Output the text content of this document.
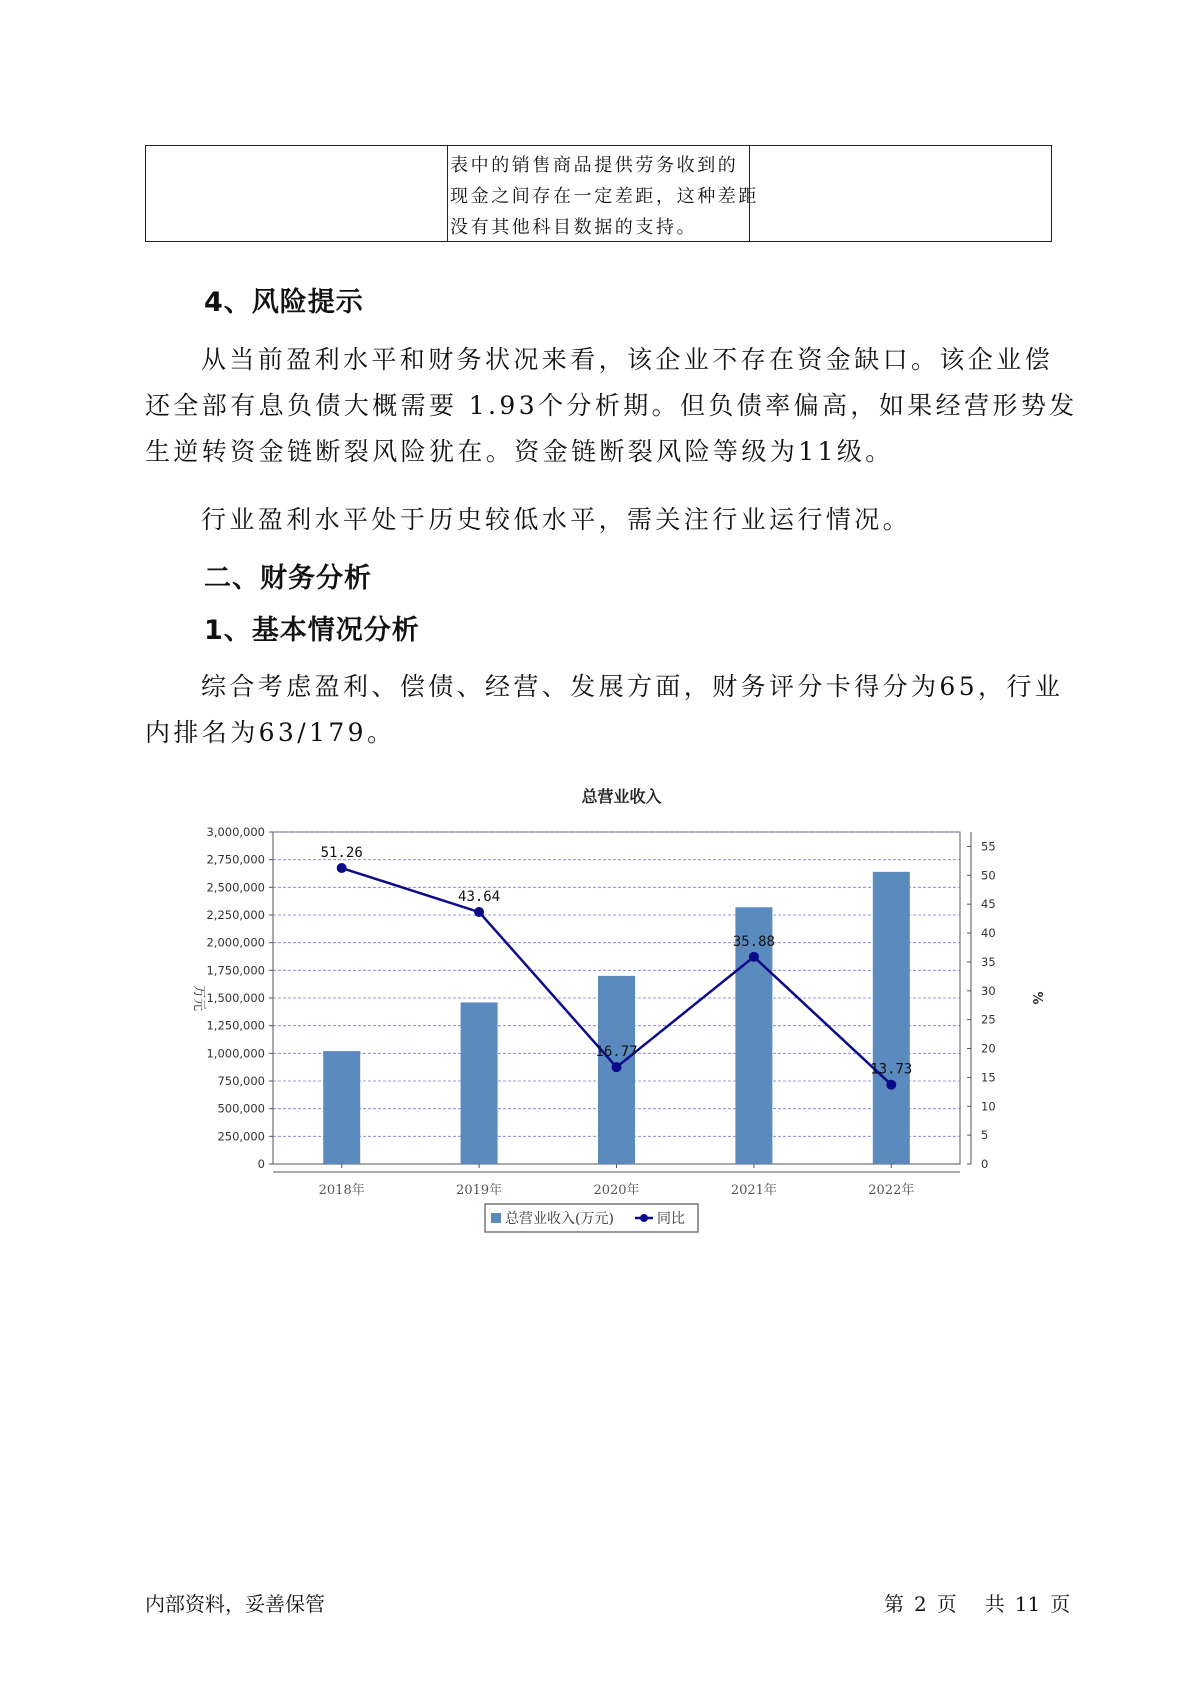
表中的销售商品提供劳务收到的
现金之间存在一定差距，这种差距
没有其他科目数据的支持。
4、风险提示

从当前盈利水平和财务状况来看，该企业不存在资金缺口。该企业偿
还全部有息负债大概需要 1.93个分析期。但负债率偏高，如果经营形势发
生逆转资金链断裂风险犹在。资金链断裂风险等级为11级。

行业盈利水平处于历史较低水平，需关注行业运行情况。

二、财务分析
1、基本情况分析

综合考虑盈利、偿债、经营、发展方面，财务评分卡得分为65，行业
内排名为63/179。

总营业收入
0
250,000
500,000
750,000
1,000,000
1,250,000
1,500,000
1,750,000
2,000,000
2,250,000
2,500,000
2,750,000
3,000,000
0
5
10
15
20
25
30
35
40
45
50
55
万元	%
2018年	2019年	2020年	2021年	2022年
51.26
43.64
16.77
35.88
13.73
总营业收入(万元)	同比
内部资料，妥善保管	第 2 页 共 11 页
